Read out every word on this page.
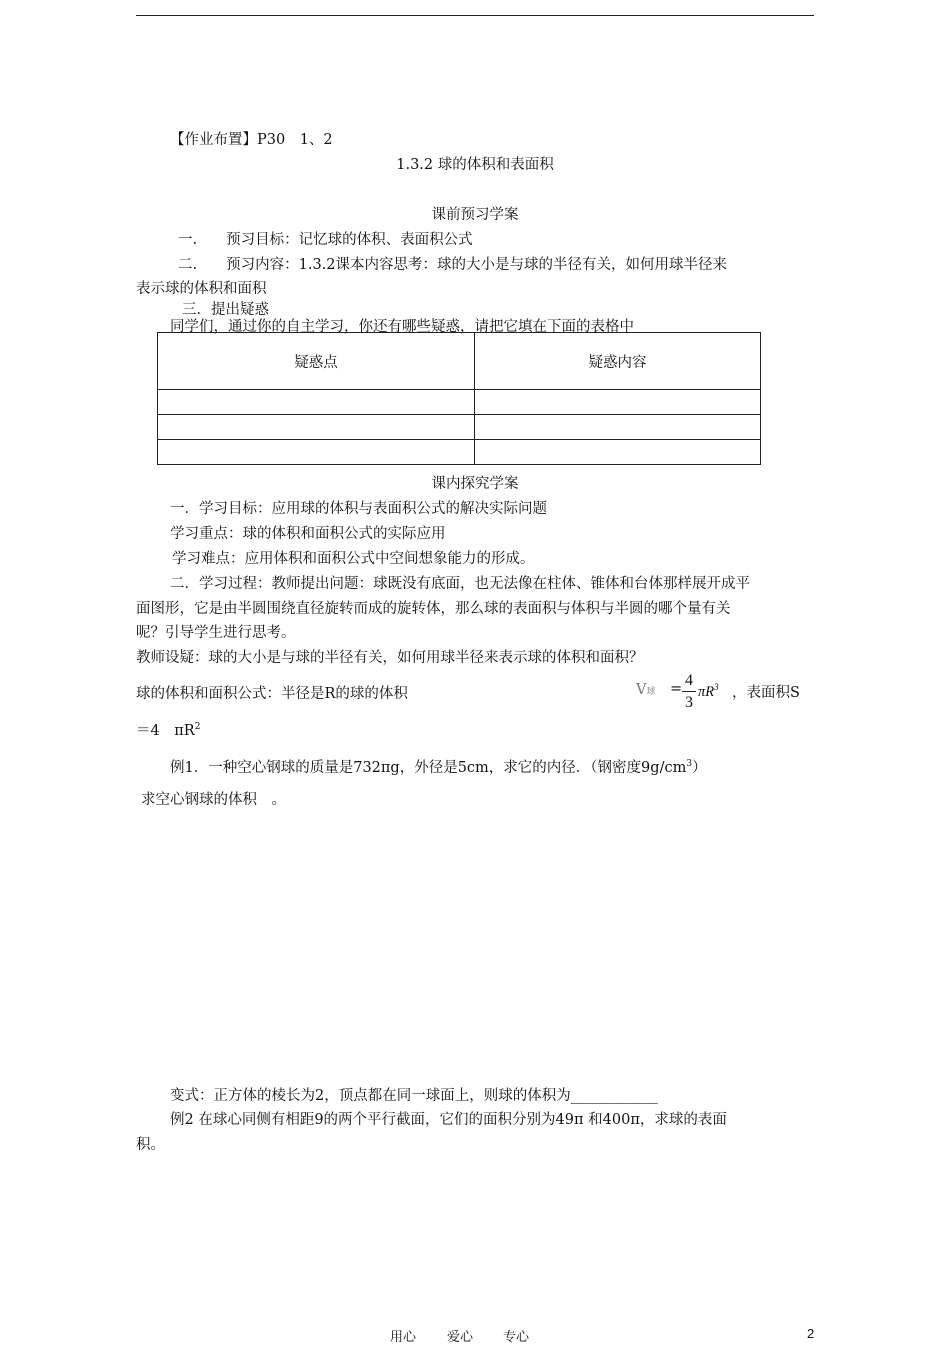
【作业布置】P30　1、2
1.3.2 球的体积和表面积
课前预习学案
一.　　预习目标：记忆球的体积、表面积公式
二.　　预习内容：1.3.2课本内容思考：球的大小是与球的半径有关，如何用球半径来
表示球的体积和面积
三．提出疑惑
同学们，通过你的自主学习，你还有哪些疑惑，请把它填在下面的表格中
疑惑点	疑惑内容

课内探究学案
一．学习目标：应用球的体积与表面积公式的解决实际问题
学习重点：球的体积和面积公式的实际应用
学习难点：应用体积和面积公式中空间想象能力的形成。
二．学习过程：教师提出问题：球既没有底面，也无法像在柱体、锥体和台体那样展开成平
面图形，它是由半圆围绕直径旋转而成的旋转体，那么球的表面积与体积与半圆的哪个量有关
呢？引导学生进行思考。
教师设疑：球的大小是与球的半径有关，如何用球半径来表示球的体积和面积？
球的体积和面积公式：半径是R的球的体积	V球 = 4
3
$\pi R^3$ ，表面积S
＝4　$\pi R^2$
例1．一种空心钢球的质量是732πg，外径是5cm，求它的内径．（钢密度$9g/cm^3$）
求空心钢球的体积　。
变式：正方体的棱长为2，顶点都在同一球面上，则球的体积为____________
例2 在球心同侧有相距9的两个平行截面，它们的面积分别为49π 和400π，求球的表面
积。
用心 爱心 专心	2
